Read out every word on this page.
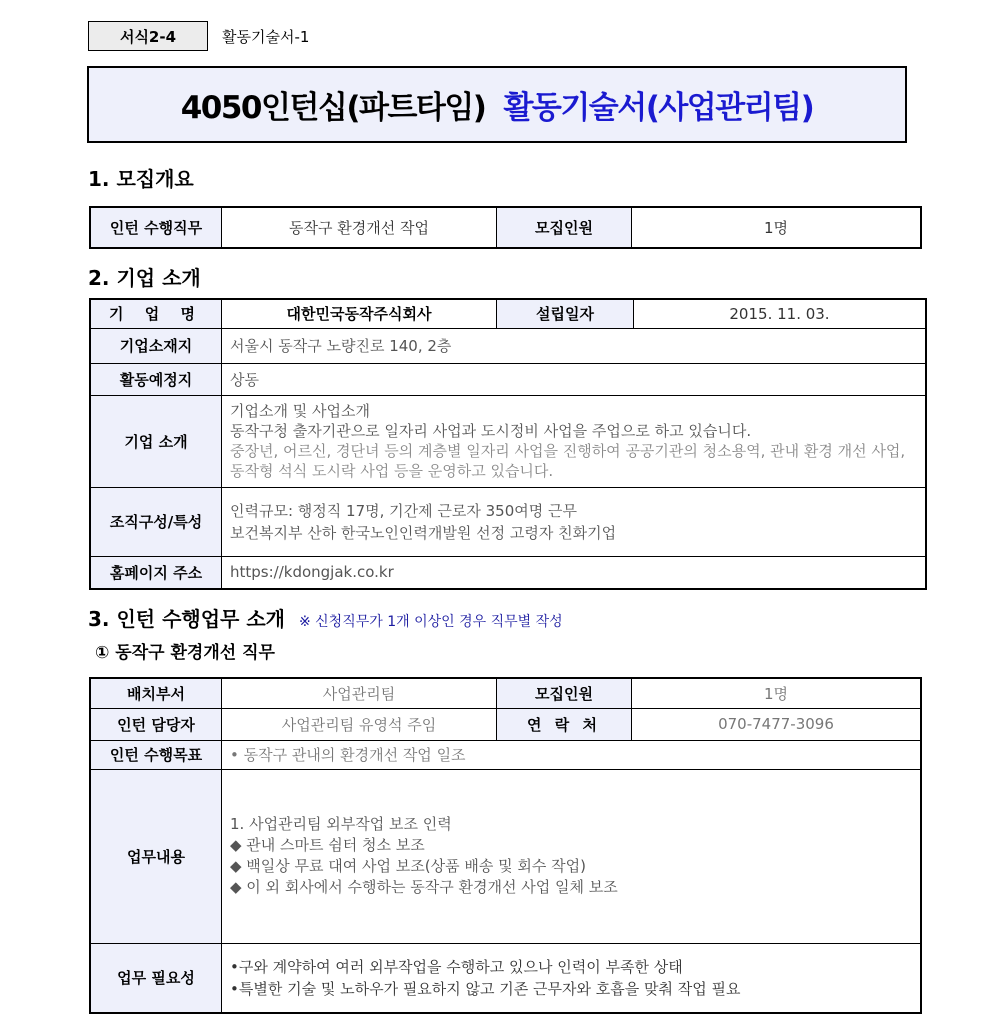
서식2-4	활동기술서-1
4050인턴십(파트타임) 활동기술서(사업관리팀)
1. 모집개요
인턴 수행직무	동작구 환경개선 작업	모집인원	1명
2. 기업 소개
기 업 명	대한민국동작주식회사	설립일자	2015. 11. 03.
기업소재지	서울시 동작구 노량진로 140, 2층		
활동예정지	상동		
기업 소개	기업소개 및 사업소개
동작구청 출자기관으로 일자리 사업과 도시정비 사업을 주업으로 하고 있습니다.
중장년, 어르신, 경단녀 등의 계층별 일자리 사업을 진행하여 공공기관의 청소용역, 관내 환경 개선 사업, 동작형 석식 도시락 사업 등을 운영하고 있습니다.		

조직구성/특성	인력규모: 행정직 17명, 기간제 근로자 350여명 근무
보건복지부 산하 한국노인인력개발원 선정 고령자 친화기업		

홈페이지 주소	https://kdongjak.co.kr		
3. 인턴 수행업무 소개 ※ 신청직무가 1개 이상인 경우 직무별 작성
① 동작구 환경개선 직무
배치부서	사업관리팀	모집인원	1명
인턴 담당자	사업관리팀 유영석 주임	연 락 처	070-7477-3096
인턴 수행목표	• 동작구 관내의 환경개선 작업 일조		
업무내용	1. 사업관리팀 외부작업 보조 인력
◆ 관내 스마트 쉼터 청소 보조
◆ 백일상 무료 대여 사업 보조(상품 배송 및 회수 작업)
◆ 이 외 회사에서 수행하는 동작구 환경개선 사업 일체 보조		

업무 필요성	•구와 계약하여 여러 외부작업을 수행하고 있으나 인력이 부족한 상태
•특별한 기술 및 노하우가 필요하지 않고 기존 근무자와 호흡을 맞춰 작업 필요		
